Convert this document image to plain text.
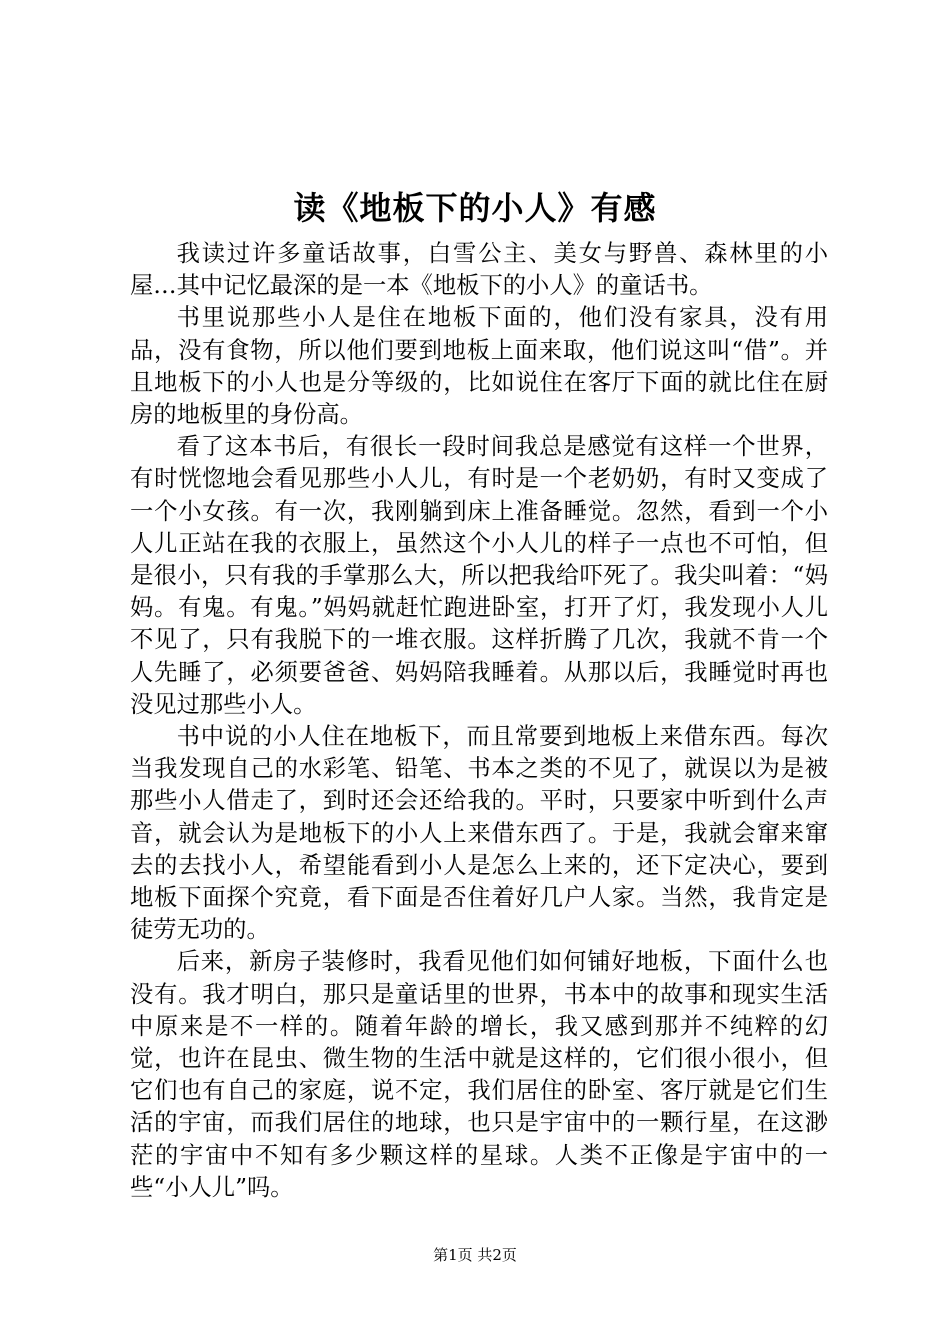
读《地板下的小人》有感

我读过许多童话故事，白雪公主、美女与野兽、森林里的小屋…其中记忆最深的是一本《地板下的小人》的童话书。

书里说那些小人是住在地板下面的，他们没有家具，没有用品，没有食物，所以他们要到地板上面来取，他们说这叫“借”。并且地板下的小人也是分等级的，比如说住在客厅下面的就比住在厨房的地板里的身份高。

看了这本书后，有很长一段时间我总是感觉有这样一个世界，有时恍惚地会看见那些小人儿，有时是一个老奶奶，有时又变成了一个小女孩。有一次，我刚躺到床上准备睡觉。忽然，看到一个小人儿正站在我的衣服上，虽然这个小人儿的样子一点也不可怕，但是很小，只有我的手掌那么大，所以把我给吓死了。我尖叫着：“妈妈。有鬼。有鬼。”妈妈就赶忙跑进卧室，打开了灯，我发现小人儿不见了，只有我脱下的一堆衣服。这样折腾了几次，我就不肯一个人先睡了，必须要爸爸、妈妈陪我睡着。从那以后，我睡觉时再也没见过那些小人。

书中说的小人住在地板下，而且常要到地板上来借东西。每次当我发现自己的水彩笔、铅笔、书本之类的不见了，就误以为是被那些小人借走了，到时还会还给我的。平时，只要家中听到什么声音，就会认为是地板下的小人上来借东西了。于是，我就会窜来窜去的去找小人，希望能看到小人是怎么上来的，还下定决心，要到地板下面探个究竟，看下面是否住着好几户人家。当然，我肯定是徒劳无功的。

后来，新房子装修时，我看见他们如何铺好地板，下面什么也没有。我才明白，那只是童话里的世界，书本中的故事和现实生活中原来是不一样的。随着年龄的增长，我又感到那并不纯粹的幻觉，也许在昆虫、微生物的生活中就是这样的，它们很小很小，但它们也有自己的家庭，说不定，我们居住的卧室、客厅就是它们生活的宇宙，而我们居住的地球，也只是宇宙中的一颗行星，在这渺茫的宇宙中不知有多少颗这样的星球。人类不正像是宇宙中的一些“小人儿”吗。

第1页 共2页
